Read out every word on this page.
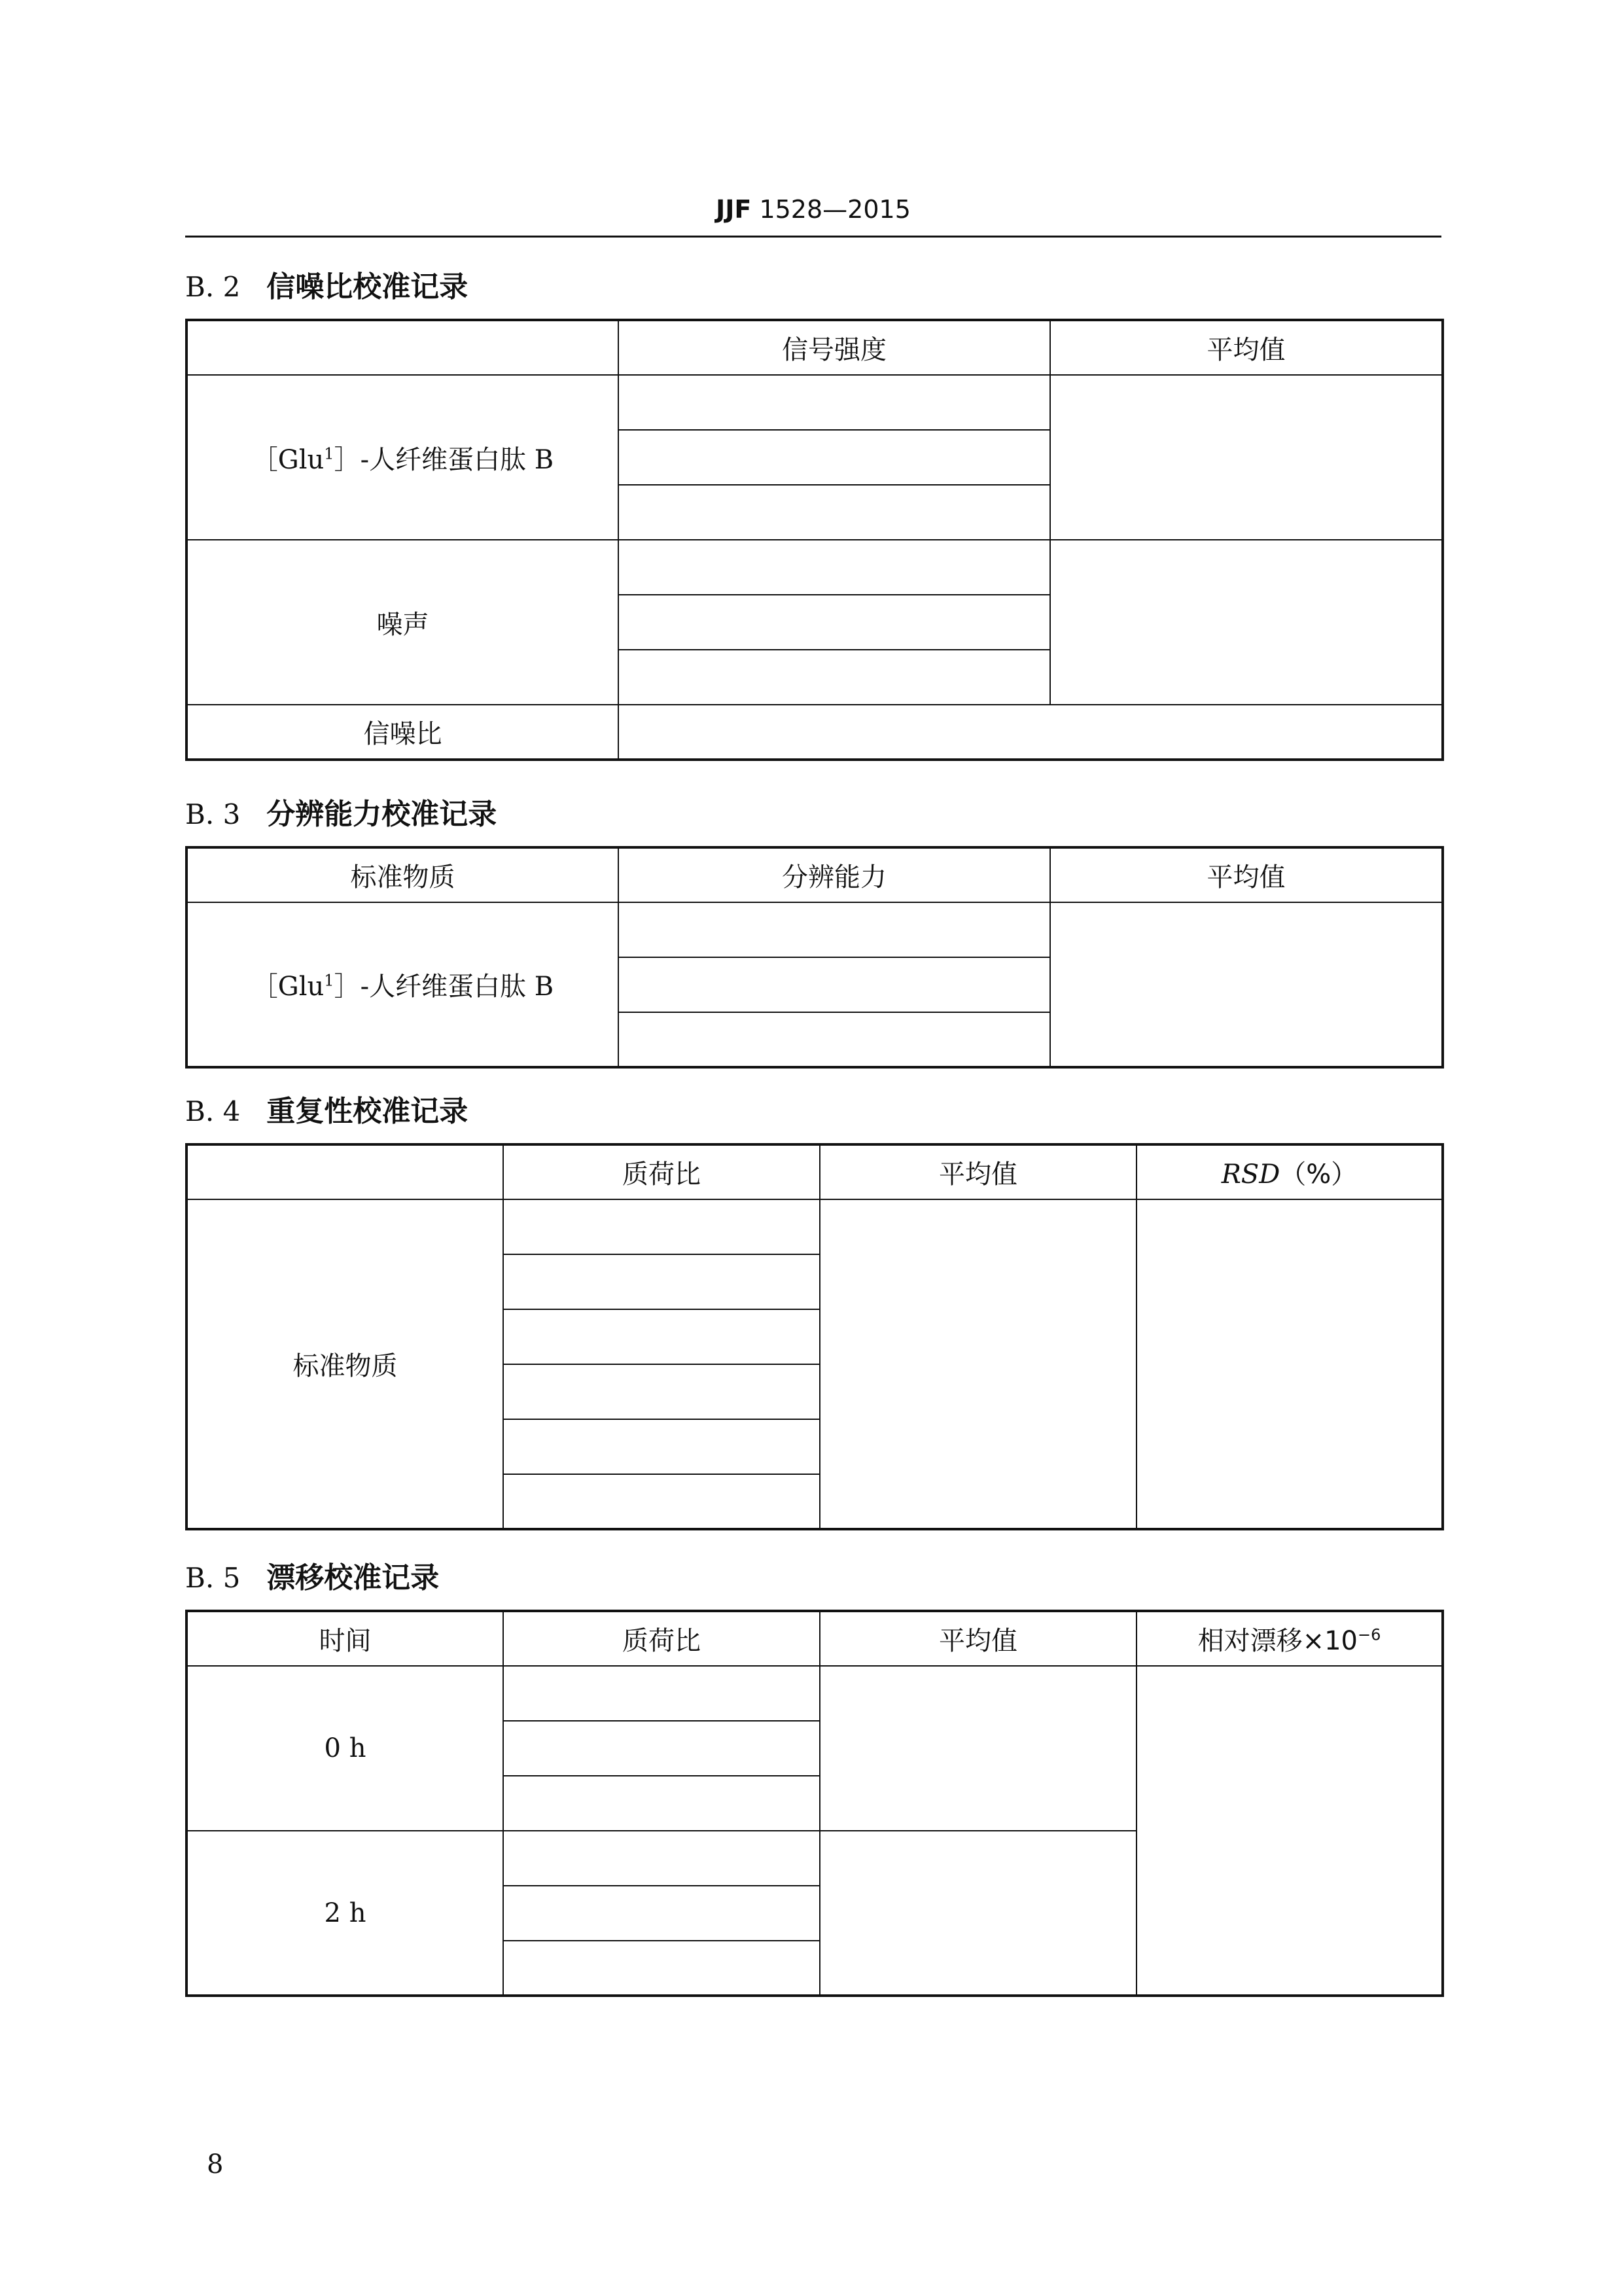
JJF 1528—2015
B. 2 信噪比校准记录
	信号强度	平均值
［Glu$^1$］-人纤维蛋白肽 B		

噪声		

信噪比		
B. 3 分辨能力校准记录
标准物质	分辨能力	平均值
［Glu$^1$］-人纤维蛋白肽 B		

B. 4 重复性校准记录
	质荷比	平均值	RSD（%）
标准物质			

B. 5 漂移校准记录
时间	质荷比	平均值	相对漂移$\times 10^{-6}$
0 h			

2 h			

8
